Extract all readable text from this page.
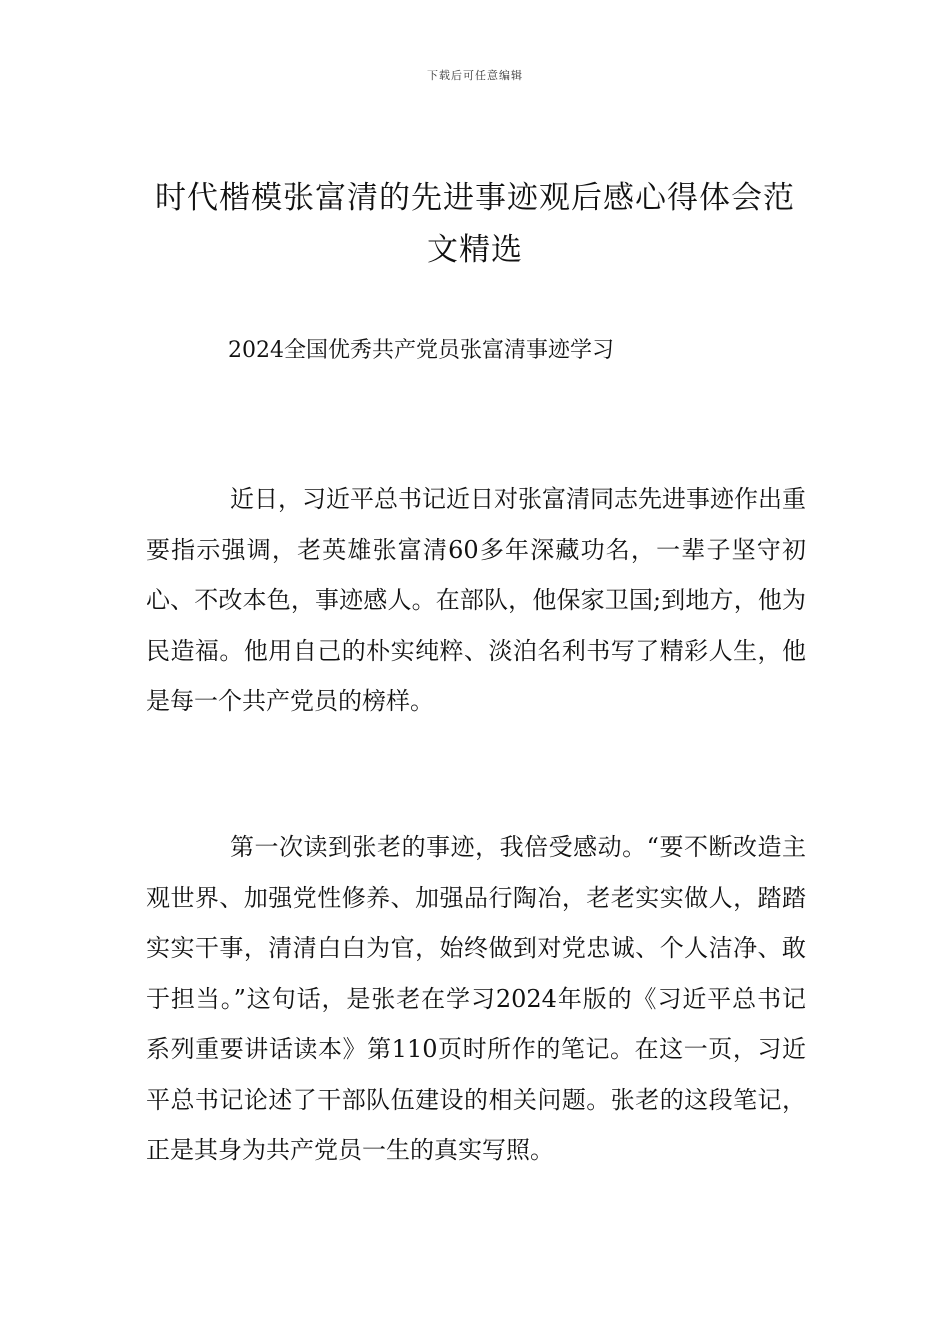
下载后可任意编辑
时代楷模张富清的先进事迹观后感心得体会范文精选
2024全国优秀共产党员张富清事迹学习

近日，习近平总书记近日对张富清同志先进事迹作出重要指示强调，老英雄张富清60多年深藏功名，一辈子坚守初心、不改本色，事迹感人。在部队，他保家卫国;到地方，他为民造福。他用自己的朴实纯粹、淡泊名利书写了精彩人生，他是每一个共产党员的榜样。

第一次读到张老的事迹，我倍受感动。“要不断改造主观世界、加强党性修养、加强品行陶冶，老老实实做人，踏踏实实干事，清清白白为官，始终做到对党忠诚、个人洁净、敢于担当。”这句话，是张老在学习2024年版的《习近平总书记系列重要讲话读本》第110页时所作的笔记。在这一页，习近平总书记论述了干部队伍建设的相关问题。张老的这段笔记，正是其身为共产党员一生的真实写照。
